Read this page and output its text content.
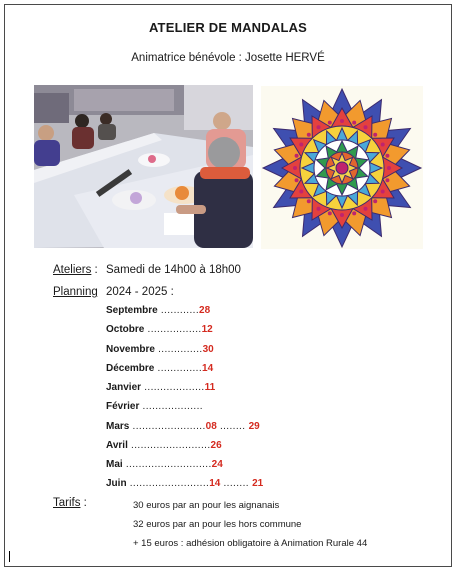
ATELIER DE MANDALAS
Animatrice bénévole : Josette HERVÉ
Ateliers : Samedi de 14h00 à 18h00
Planning 2024 - 2025 :
Septembre ............28
Octobre .................12
Novembre ..............30
Décembre ..............14
Janvier ...................11
Février ...................
Mars .......................08 ........ 29
Avril .........................26
Mai ...........................24
Juin .........................14 ........ 21
Tarifs :	30 euros par an pour les aignanais
32 euros par an pour les hors commune
+ 15 euros : adhésion obligatoire à Animation Rurale 44
